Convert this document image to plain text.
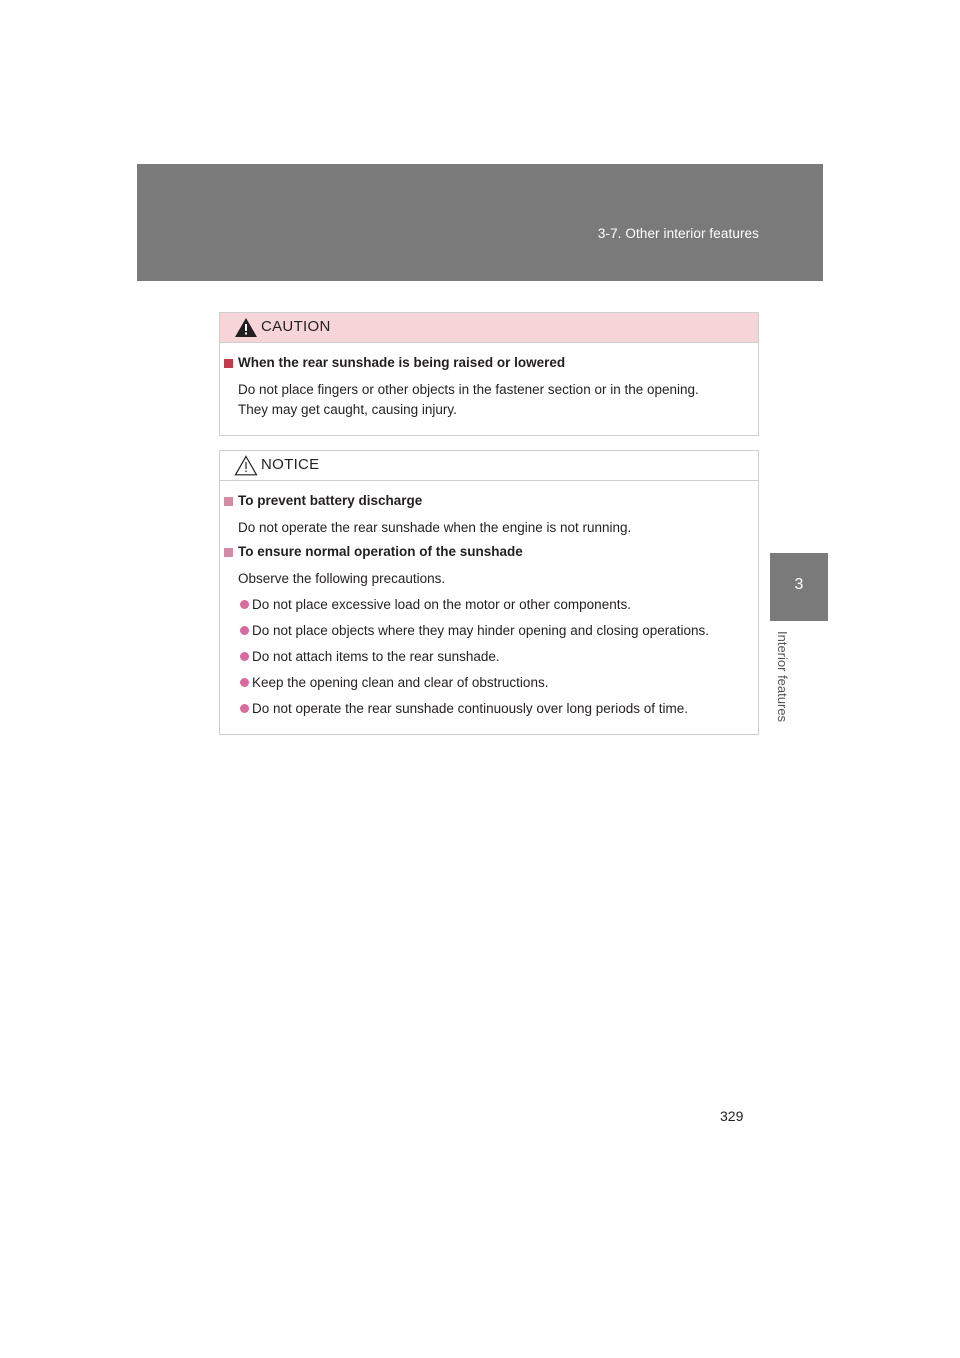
3-7. Other interior features
3
Interior features
CAUTION
When the rear sunshade is being raised or lowered
Do not place fingers or other objects in the fastener section or in the opening.
They may get caught, causing injury.
NOTICE
To prevent battery discharge
Do not operate the rear sunshade when the engine is not running.
To ensure normal operation of the sunshade
Observe the following precautions.
Do not place excessive load on the motor or other components.
Do not place objects where they may hinder opening and closing operations.
Do not attach items to the rear sunshade.
Keep the opening clean and clear of obstructions.
Do not operate the rear sunshade continuously over long periods of time.
329
